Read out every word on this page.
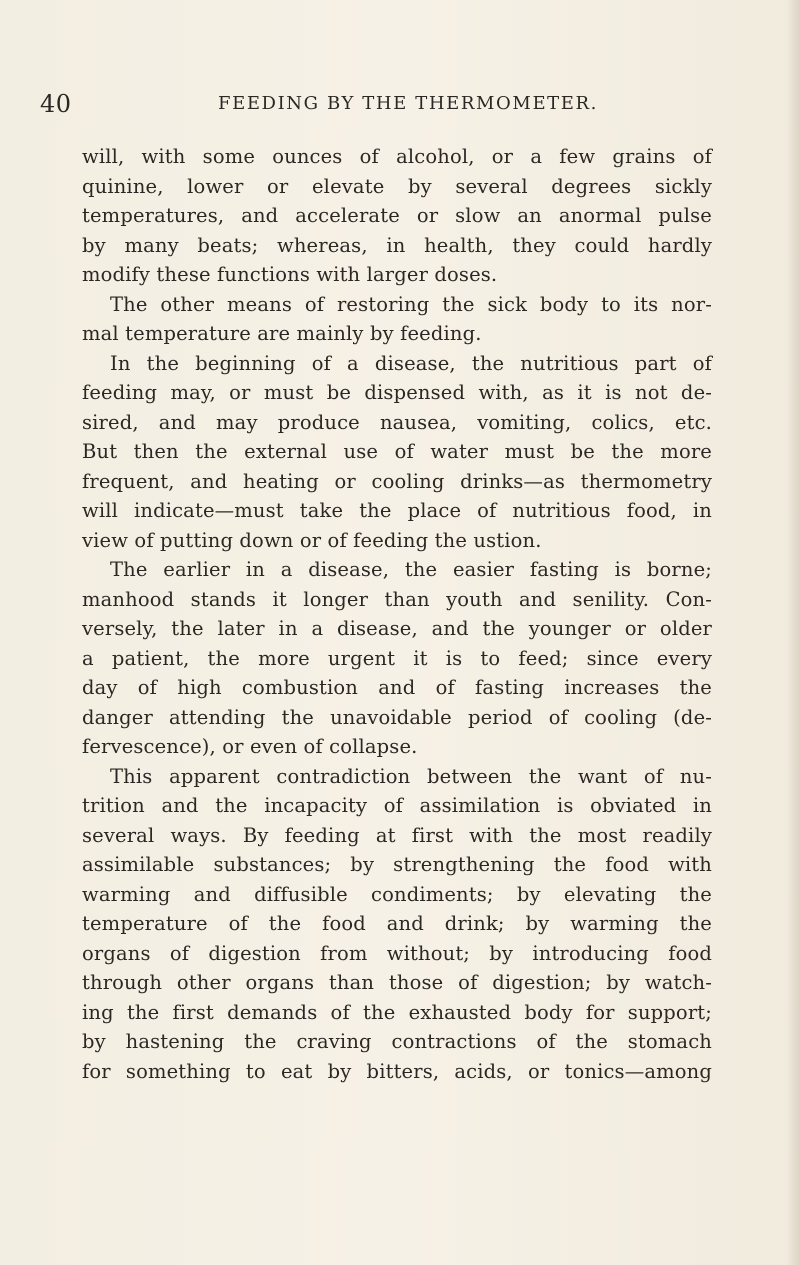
40	FEEDING BY THE THERMOMETER.
will, with some ounces of alcohol, or a few grains of
quinine, lower or elevate by several degrees sickly
temperatures, and accelerate or slow an anormal pulse
by many beats; whereas, in health, they could hardly
modify these functions with larger doses.
The other means of restoring the sick body to its nor-
mal temperature are mainly by feeding.
In the beginning of a disease, the nutritious part of
feeding may, or must be dispensed with, as it is not de-
sired, and may produce nausea, vomiting, colics, etc.
But then the external use of water must be the more
frequent, and heating or cooling drinks—as thermometry
will indicate—must take the place of nutritious food, in
view of putting down or of feeding the ustion.
The earlier in a disease, the easier fasting is borne;
manhood stands it longer than youth and senility. Con-
versely, the later in a disease, and the younger or older
a patient, the more urgent it is to feed; since every
day of high combustion and of fasting increases the
danger attending the unavoidable period of cooling (de-
fervescence), or even of collapse.
This apparent contradiction between the want of nu-
trition and the incapacity of assimilation is obviated in
several ways. By feeding at first with the most readily
assimilable substances; by strengthening the food with
warming and diffusible condiments; by elevating the
temperature of the food and drink; by warming the
organs of digestion from without; by introducing food
through other organs than those of digestion; by watch-
ing the first demands of the exhausted body for support;
by hastening the craving contractions of the stomach
for something to eat by bitters, acids, or tonics—among
